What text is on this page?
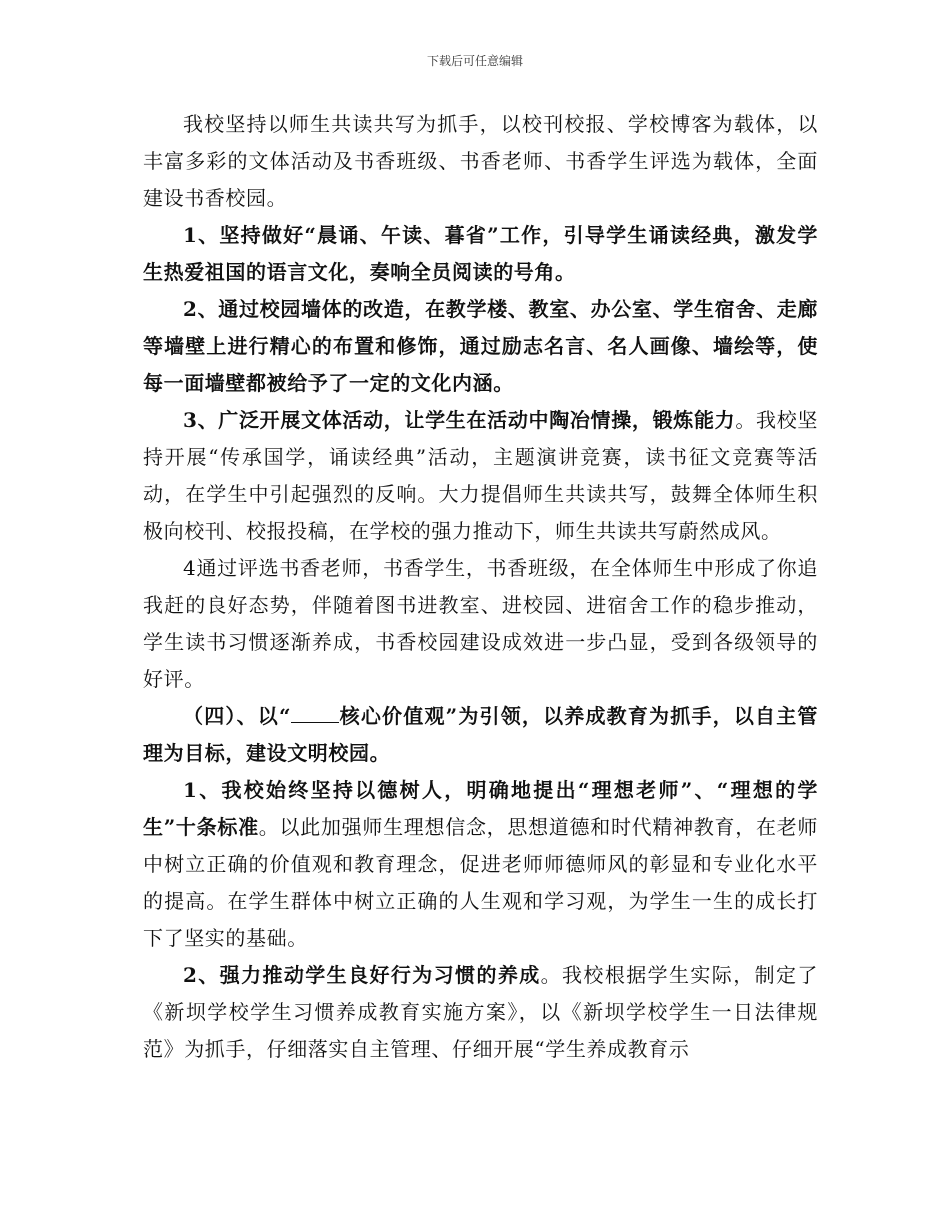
下载后可任意编辑

我校坚持以师生共读共写为抓手，以校刊校报、学校博客为载体，以丰富多彩的文体活动及书香班级、书香老师、书香学生评选为载体，全面建设书香校园。

1、坚持做好“晨诵、午读、暮省”工作，引导学生诵读经典，激发学生热爱祖国的语言文化，奏响全员阅读的号角。

2、通过校园墙体的改造，在教学楼、教室、办公室、学生宿舍、走廊等墙壁上进行精心的布置和修饰，通过励志名言、名人画像、墙绘等，使每一面墙壁都被给予了一定的文化内涵。

3、广泛开展文体活动，让学生在活动中陶冶情操，锻炼能力。我校坚持开展“传承国学，诵读经典”活动，主题演讲竞赛，读书征文竞赛等活动，在学生中引起强烈的反响。大力提倡师生共读共写，鼓舞全体师生积极向校刊、校报投稿，在学校的强力推动下，师生共读共写蔚然成风。

4通过评选书香老师，书香学生，书香班级，在全体师生中形成了你追我赶的良好态势，伴随着图书进教室、进校园、进宿舍工作的稳步推动，学生读书习惯逐渐养成，书香校园建设成效进一步凸显，受到各级领导的好评。

（四）、以“ 核心价值观”为引领，以养成教育为抓手，以自主管理为目标，建设文明校园。

1、我校始终坚持以德树人，明确地提出“理想老师”、“理想的学生”十条标准。以此加强师生理想信念，思想道德和时代精神教育，在老师中树立正确的价值观和教育理念，促进老师师德师风的彰显和专业化水平的提高。在学生群体中树立正确的人生观和学习观，为学生一生的成长打下了坚实的基础。

2、强力推动学生良好行为习惯的养成。我校根据学生实际，制定了《新坝学校学生习惯养成教育实施方案》，以《新坝学校学生一日法律规范》为抓手，仔细落实自主管理、仔细开展“学生养成教育示
